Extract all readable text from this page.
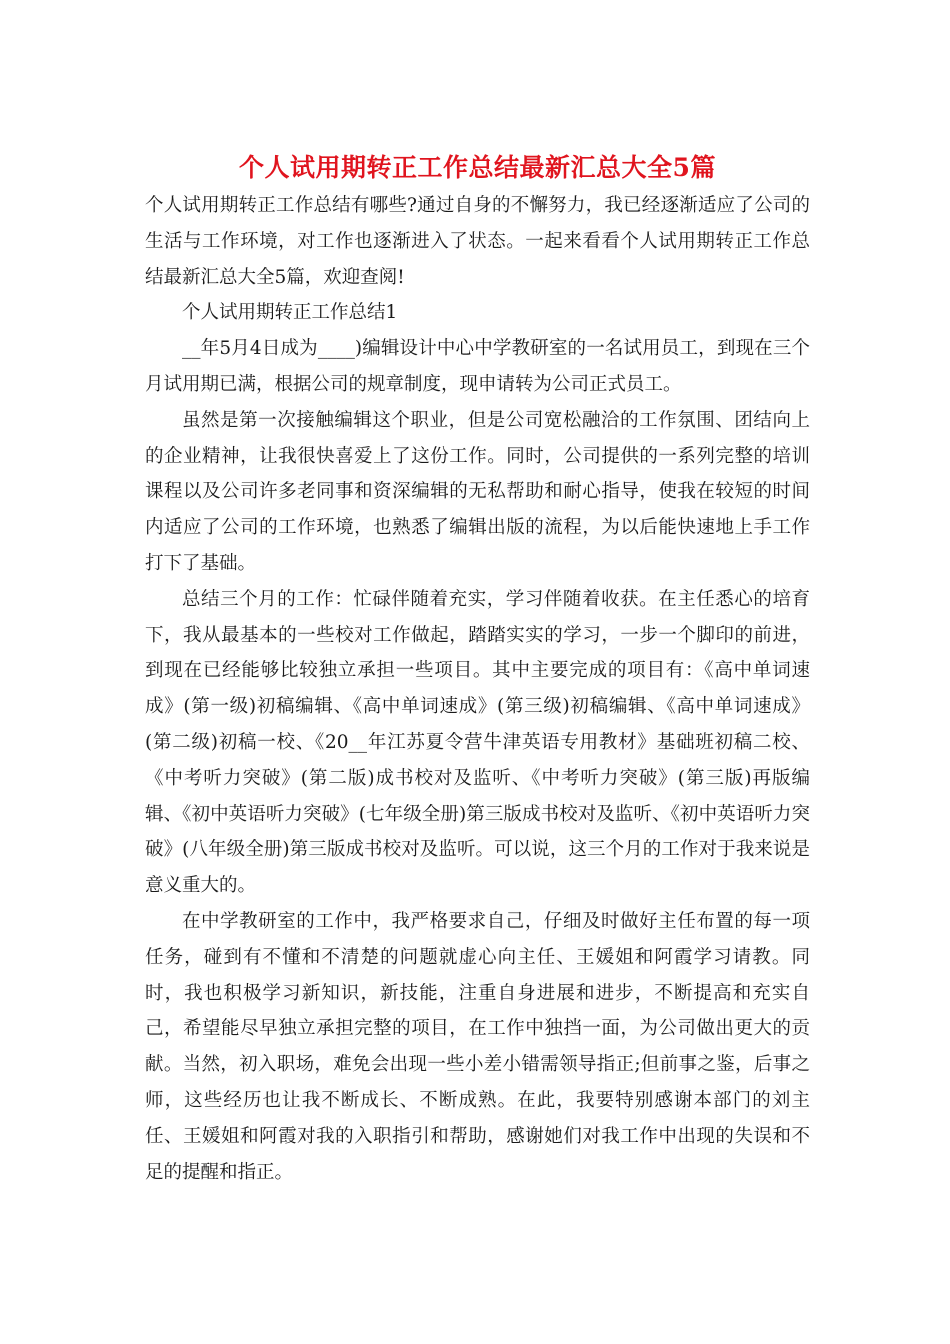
个人试用期转正工作总结最新汇总大全5篇

个人试用期转正工作总结有哪些?通过自身的不懈努力，我已经逐渐适应了公司的生活与工作环境，对工作也逐渐进入了状态。一起来看看个人试用期转正工作总结最新汇总大全5篇，欢迎查阅!

个人试用期转正工作总结1

__年5月4日成为____)编辑设计中心中学教研室的一名试用员工，到现在三个月试用期已满，根据公司的规章制度，现申请转为公司正式员工。

虽然是第一次接触编辑这个职业，但是公司宽松融洽的工作氛围、团结向上的企业精神，让我很快喜爱上了这份工作。同时，公司提供的一系列完整的培训课程以及公司许多老同事和资深编辑的无私帮助和耐心指导，使我在较短的时间内适应了公司的工作环境，也熟悉了编辑出版的流程，为以后能快速地上手工作打下了基础。

总结三个月的工作：忙碌伴随着充实，学习伴随着收获。在主任悉心的培育下，我从最基本的一些校对工作做起，踏踏实实的学习，一步一个脚印的前进，到现在已经能够比较独立承担一些项目。其中主要完成的项目有：《高中单词速成》(第一级)初稿编辑、《高中单词速成》(第三级)初稿编辑、《高中单词速成》(第二级)初稿一校、《20__年江苏夏令营牛津英语专用教材》基础班初稿二校、《中考听力突破》(第二版)成书校对及监听、《中考听力突破》(第三版)再版编辑、《初中英语听力突破》(七年级全册)第三版成书校对及监听、《初中英语听力突破》(八年级全册)第三版成书校对及监听。可以说，这三个月的工作对于我来说是意义重大的。

在中学教研室的工作中，我严格要求自己，仔细及时做好主任布置的每一项任务，碰到有不懂和不清楚的问题就虚心向主任、王媛姐和阿霞学习请教。同时，我也积极学习新知识，新技能，注重自身进展和进步，不断提高和充实自己，希望能尽早独立承担完整的项目，在工作中独挡一面，为公司做出更大的贡献。当然，初入职场，难免会出现一些小差小错需领导指正;但前事之鉴，后事之师，这些经历也让我不断成长、不断成熟。在此，我要特别感谢本部门的刘主任、王媛姐和阿霞对我的入职指引和帮助，感谢她们对我工作中出现的失误和不足的提醒和指正。
